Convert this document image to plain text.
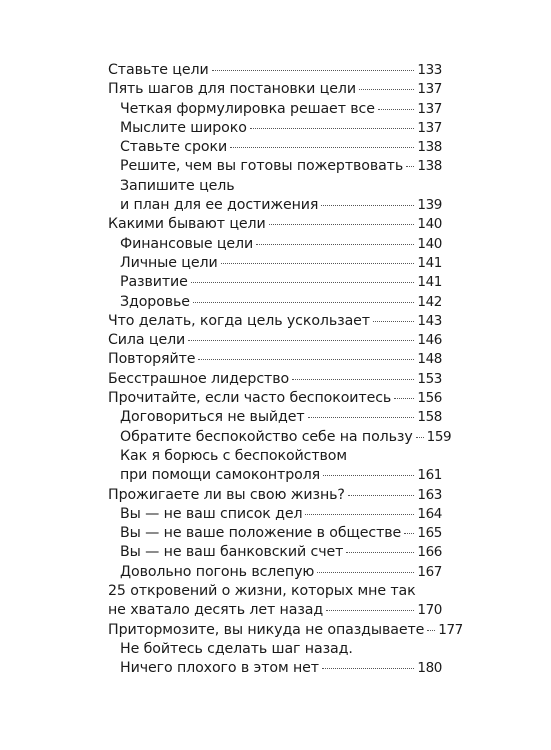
Ставьте цели	133
Пять шагов для постановки цели	137
Четкая формулировка решает все	137
Мыслите широко	137
Ставьте сроки	138
Решите, чем вы готовы пожертвовать 138
Запишите цель
и план для ее достижения	139
Какими бывают цели	140
Финансовые цели	140
Личные цели	141
Развитие	141
Здоровье	142
Что делать, когда цель ускользает	143
Сила цели	146
Повторяйте	148
Бесстрашное лидерство	153
Прочитайте, если часто беспокоитесь 156
Договориться не выйдет	158
Обратите беспокойство себе на пользу 159
Как я борюсь с беспокойством
при помощи самоконтроля	161
Прожигаете ли вы свою жизнь?	163
Вы — не ваш список дел	164
Вы — не ваше положение в обществе 165
Вы — не ваш банковский счет	166
Довольно погонь вслепую	167
25 откровений о жизни, которых мне так
не хватало десять лет назад	170
Притормозите, вы никуда не опаздываете 177
Не бойтесь сделать шаг назад.
Ничего плохого в этом нет	180
